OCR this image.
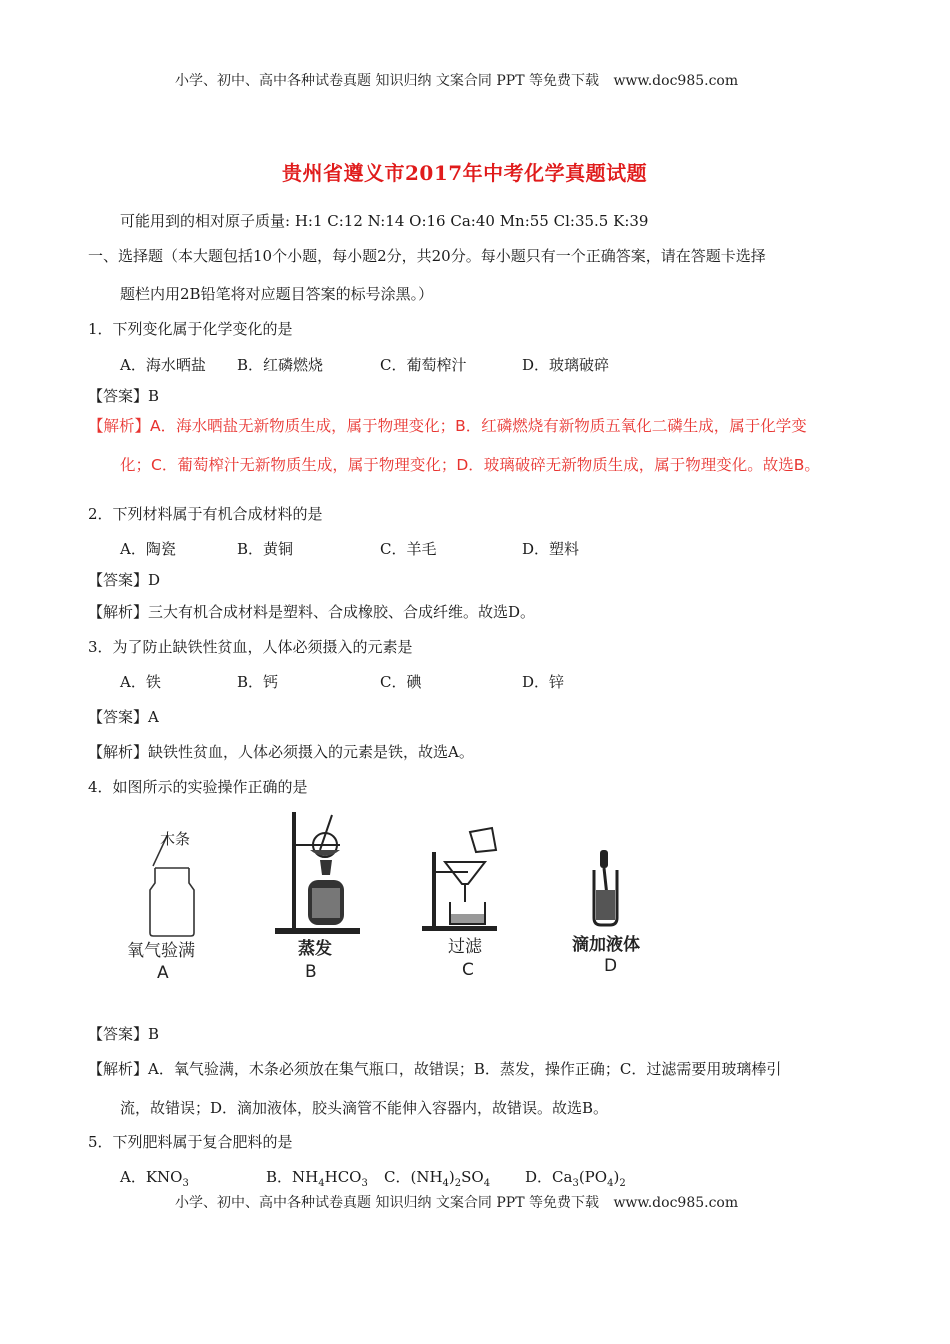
小学、初中、高中各种试卷真题 知识归纳 文案合同 PPT 等免费下载 www.doc985.com
贵州省遵义市2017年中考化学真题试题
可能用到的相对原子质量: H:1 C:12 N:14 O:16 Ca:40 Mn:55 Cl:35.5 K:39
一、选择题（本大题包括10个小题，每小题2分，共20分。每小题只有一个正确答案，请在答题卡选择
题栏内用2B铅笔将对应题目答案的标号涂黑。）
1．下列变化属于化学变化的是
A．海水晒盐 B．红磷燃烧	C．葡萄榨汁	D．玻璃破碎
【答案】B
【解析】A．海水晒盐无新物质生成，属于物理变化；B．红磷燃烧有新物质五氧化二磷生成，属于化学变
化；C．葡萄榨汁无新物质生成，属于物理变化；D．玻璃破碎无新物质生成，属于物理变化。故选B。
2．下列材料属于有机合成材料的是
A．陶瓷	B．黄铜	C．羊毛	D．塑料
【答案】D
【解析】三大有机合成材料是塑料、合成橡胶、合成纤维。故选D。
3．为了防止缺铁性贫血，人体必须摄入的元素是
A．铁	B．钙	C．碘	D．锌
【答案】A
【解析】缺铁性贫血，人体必须摄入的元素是铁，故选A。
4．如图所示的实验操作正确的是
木条
氧气验满
A
蒸发
B
过滤
C
滴加液体
D
【答案】B
【解析】A．氧气验满，木条必须放在集气瓶口，故错误；B．蒸发，操作正确；C．过滤需要用玻璃棒引
流，故错误；D．滴加液体，胶头滴管不能伸入容器内，故错误。故选B。
5．下列肥料属于复合肥料的是
A．$KNO_3$	B．$NH_4HCO_3$ C．$(NH_4)_2SO_4$ D．$Ca_3(PO_4)_2$
小学、初中、高中各种试卷真题 知识归纳 文案合同 PPT 等免费下载 www.doc985.com
